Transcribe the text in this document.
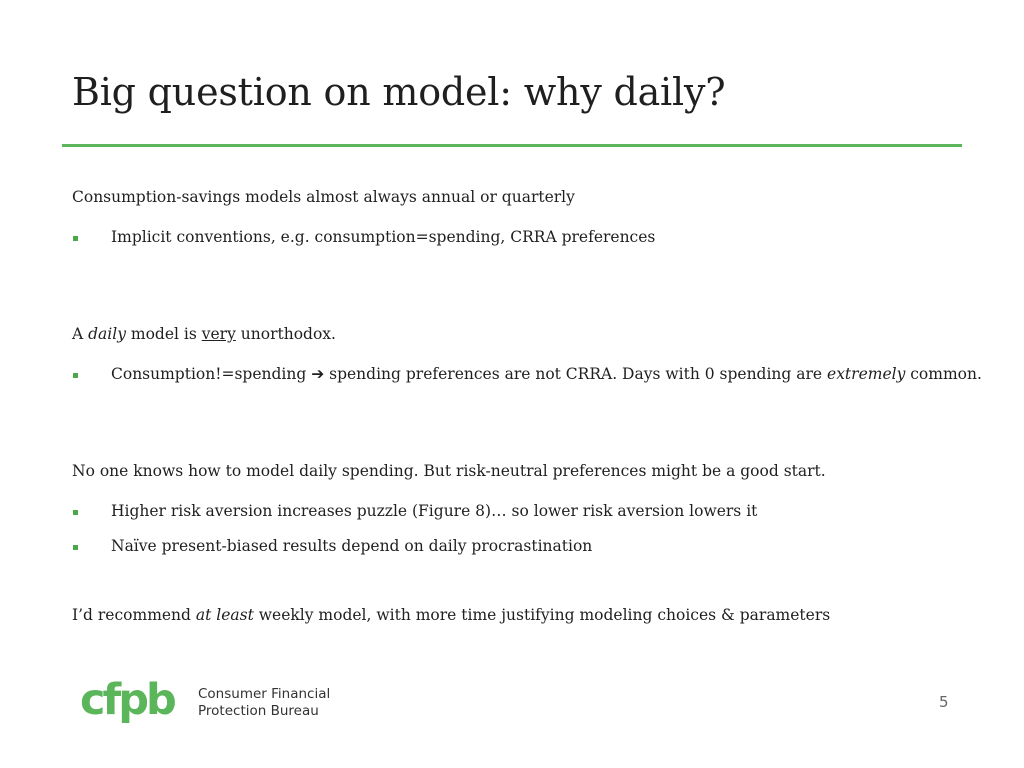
Big question on model: why daily?

Consumption-savings models almost always annual or quarterly

Implicit conventions, e.g. consumption=spending, CRRA preferences

A daily model is very unorthodox.

Consumption!=spending ➔ spending preferences are not CRRA. Days with 0 spending are extremely common.

No one knows how to model daily spending. But risk-neutral preferences might be a good start.

Higher risk aversion increases puzzle (Figure 8)… so lower risk aversion lowers it
Naïve present-biased results depend on daily procrastination

I’d recommend at least weekly model, with more time justifying modeling choices & parameters

cfpb Consumer Financial
Protection Bureau	5
